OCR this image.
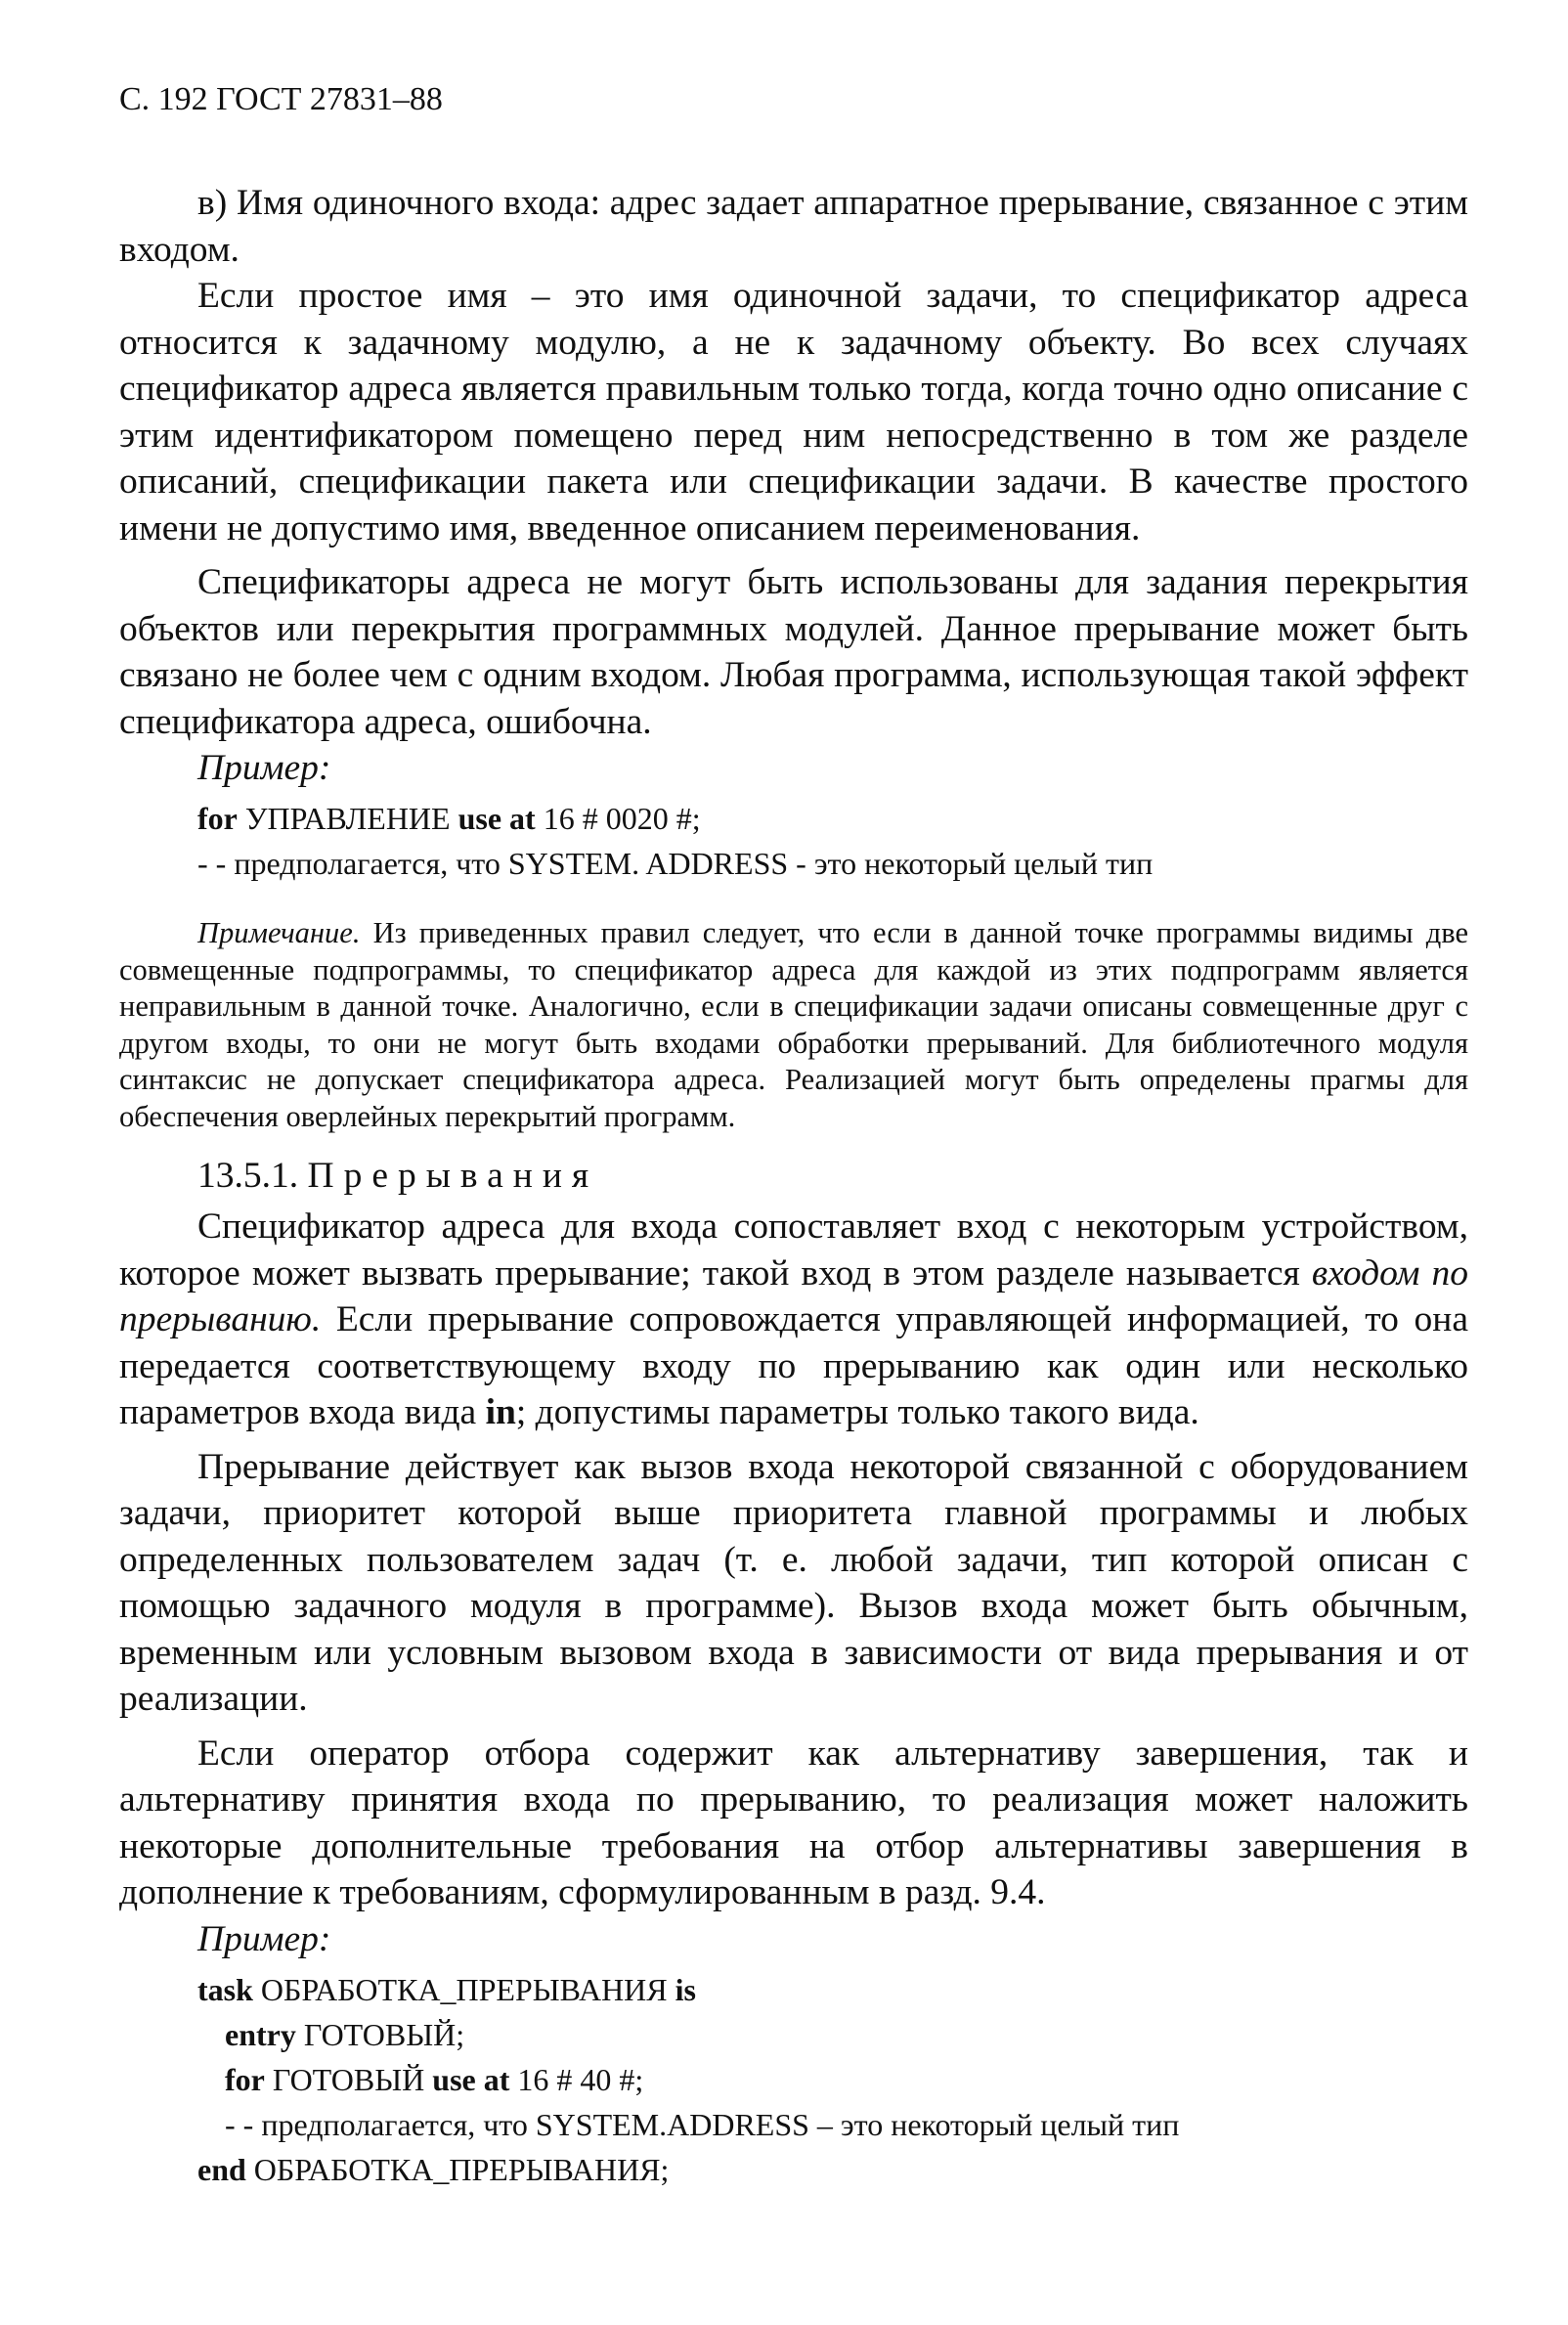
С. 192 ГОСТ 27831–88

в) Имя одиночного входа: адрес задает аппаратное прерывание, связанное с этим входом.

Если простое имя – это имя одиночной задачи, то спецификатор адреса относится к задачному модулю, а не к задачному объекту. Во всех случаях спецификатор адреса является правильным только тогда, когда точно одно описание с этим идентификатором помещено перед ним непосредственно в том же разделе описаний, спецификации пакета или спецификации задачи. В качестве простого имени не допустимо имя, введенное описанием переименования.

Спецификаторы адреса не могут быть использованы для задания перекрытия объектов или перекрытия программных модулей. Данное прерывание может быть связано не более чем с одним входом. Любая программа, использующая такой эффект спецификатора адреса, ошибочна.

Пример:
for УПРАВЛЕНИЕ use at 16 # 0020 #;
- - предполагается, что SYSTEM. ADDRESS - это некоторый целый тип
Примечание. Из приведенных правил следует, что если в данной точке программы видимы две совмещенные подпрограммы, то спецификатор адреса для каждой из этих подпрограмм является неправильным в данной точке. Аналогично, если в спецификации задачи описаны совмещенные друг с другом входы, то они не могут быть входами обработки прерываний. Для библиотечного модуля синтаксис не допускает спецификатора адреса. Реализацией могут быть определены прагмы для обеспечения оверлейных перекрытий программ.
13.5.1. Прерывания

Спецификатор адреса для входа сопоставляет вход с некоторым устройством, которое может вызвать прерывание; такой вход в этом разделе называется входом по прерыванию. Если прерывание сопровождается управляющей информацией, то она передается соответствующему входу по прерыванию как один или несколько параметров входа вида in; допустимы параметры только такого вида.

Прерывание действует как вызов входа некоторой связанной с оборудованием задачи, приоритет которой выше приоритета главной программы и любых определенных пользователем задач (т. е. любой задачи, тип которой описан с помощью задачного модуля в программе). Вызов входа может быть обычным, временным или условным вызовом входа в зависимости от вида прерывания и от реализации.

Если оператор отбора содержит как альтернативу завершения, так и альтернативу принятия входа по прерыванию, то реализация может наложить некоторые дополнительные требования на отбор альтернативы завершения в дополнение к требованиям, сформулированным в разд. 9.4.

Пример:
task ОБРАБОТКА_ПРЕРЫВАНИЯ is
entry ГОТОВЫЙ;
for ГОТОВЫЙ use at 16 # 40 #;
- - предполагается, что SYSTEM.ADDRESS – это некоторый целый тип
end ОБРАБОТКА_ПРЕРЫВАНИЯ;
